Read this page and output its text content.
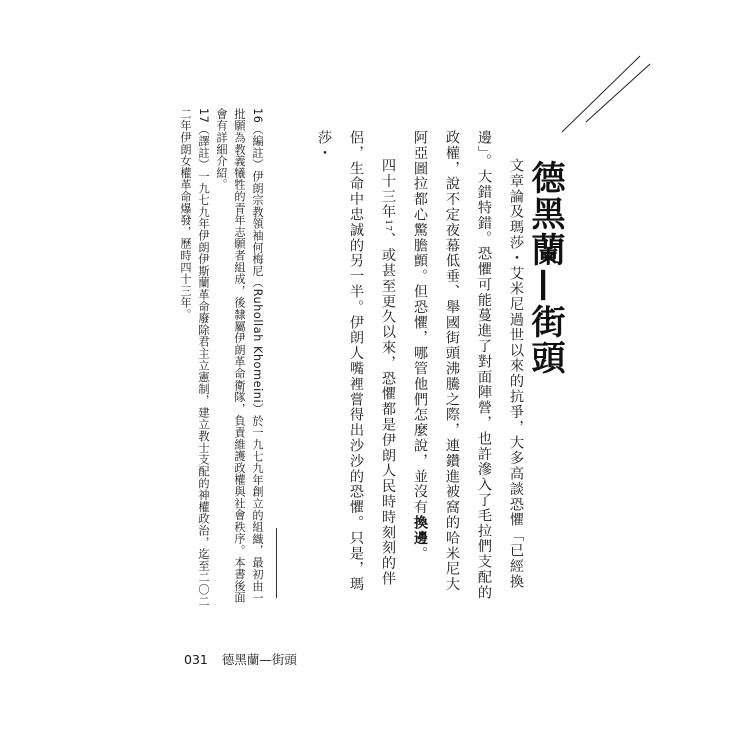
德黑蘭—街頭

文章論及瑪莎・艾米尼過世以來的抗爭，大多高談恐懼「已經換邊」。大錯特錯。恐懼可能蔓進了對面陣營，也許滲入了毛拉們支配的政權，說不定夜幕低垂、舉國街頭沸騰之際，連鑽進被窩的哈米尼大阿亞圖拉都心驚膽顫。但恐懼，哪管他們怎麼說，並沒有換邊。

四十三年17、或甚至更久以來，恐懼都是伊朗人民時時刻刻的伴侶，生命中忠誠的另一半。伊朗人嘴裡嘗得出沙沙的恐懼。只是，瑪莎・

16（編註）伊朗宗教領袖何梅尼（Ruhollah Khomeini）於一九七九年創立的組織，最初由一批願為教義犧牲的青年志願者組成，後隸屬伊朗革命衛隊，負責維護政權與社會秩序。本書後面會有詳細介紹。

17（譯註）一九七九年伊朗伊斯蘭革命廢除君主立憲制，建立教士支配的神權政治，迄至二〇二二年伊朗女權革命爆發，歷時四十三年。

031 德黑蘭—街頭
